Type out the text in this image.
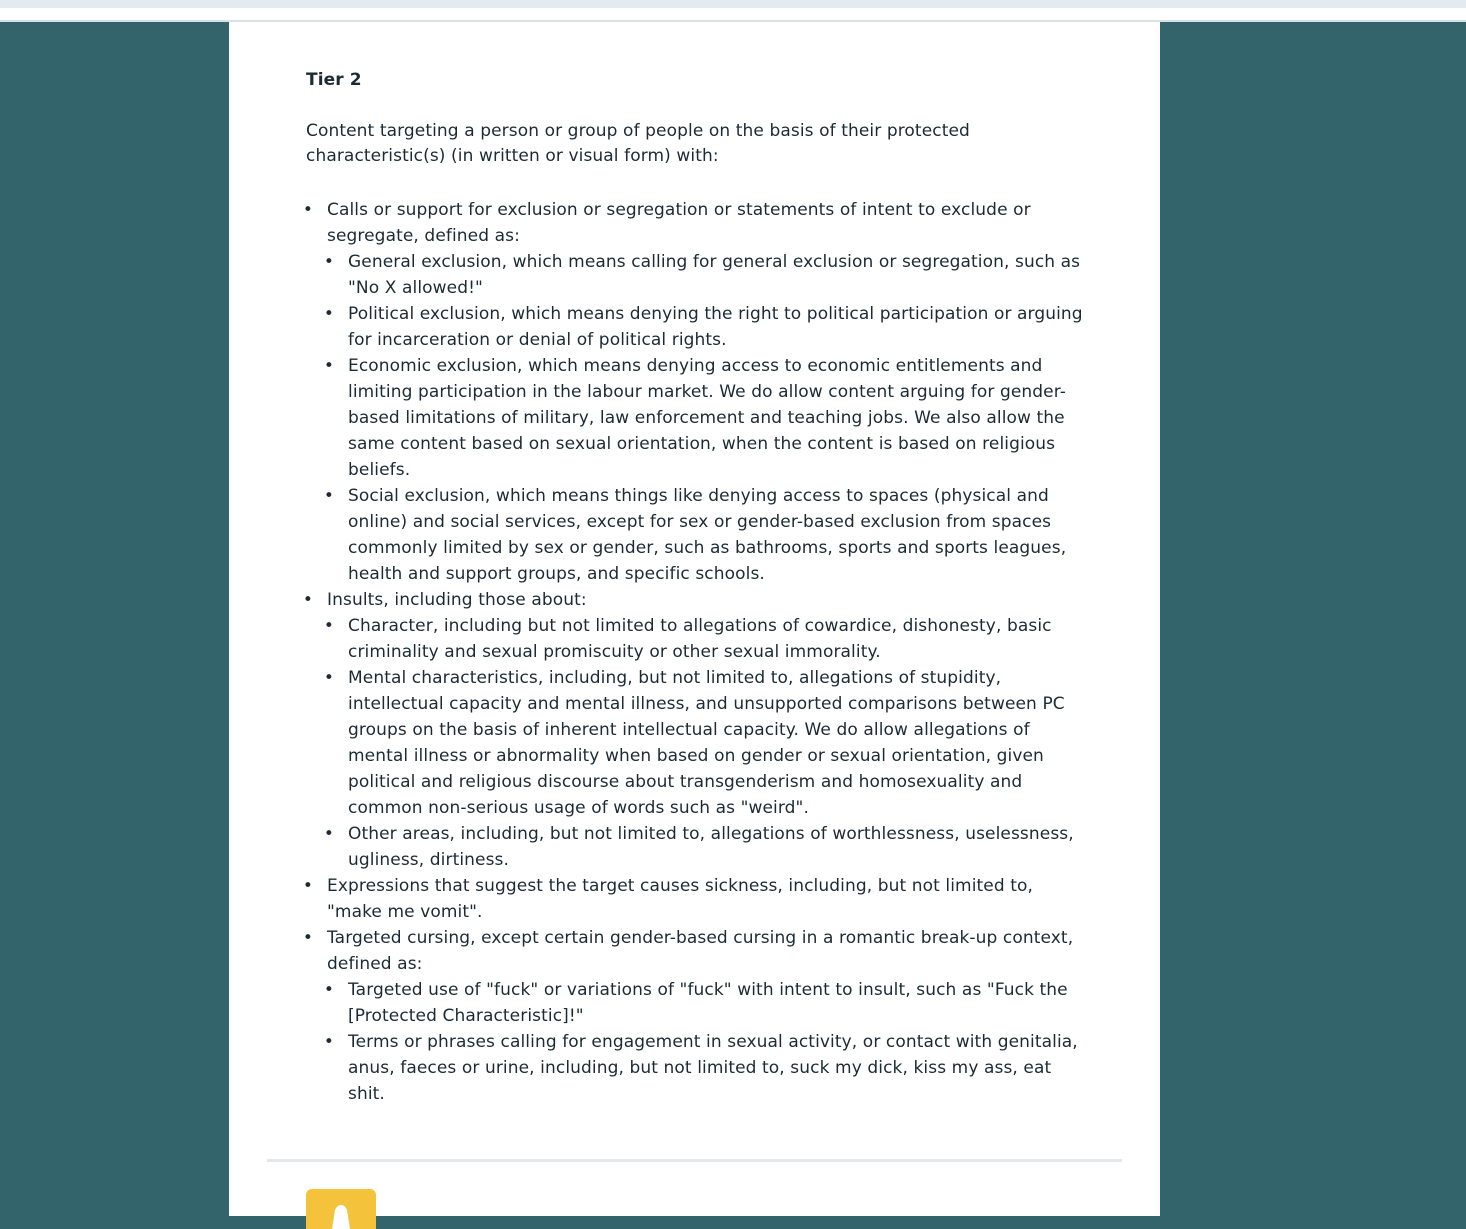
Tier 2

Content targeting a person or group of people on the basis of their protected characteristic(s) (in written or visual form) with:

• Calls or support for exclusion or segregation or statements of intent to exclude or segregate, defined as:
• General exclusion, which means calling for general exclusion or segregation, such as "No X allowed!"
• Political exclusion, which means denying the right to political participation or arguing for incarceration or denial of political rights.
• Economic exclusion, which means denying access to economic entitlements and limiting participation in the labour market. We do allow content arguing for gender-based limitations of military, law enforcement and teaching jobs. We also allow the same content based on sexual orientation, when the content is based on religious beliefs.
• Social exclusion, which means things like denying access to spaces (physical and online) and social services, except for sex or gender-based exclusion from spaces commonly limited by sex or gender, such as bathrooms, sports and sports leagues, health and support groups, and specific schools.
• Insults, including those about:
• Character, including but not limited to allegations of cowardice, dishonesty, basic criminality and sexual promiscuity or other sexual immorality.
• Mental characteristics, including, but not limited to, allegations of stupidity, intellectual capacity and mental illness, and unsupported comparisons between PC groups on the basis of inherent intellectual capacity. We do allow allegations of mental illness or abnormality when based on gender or sexual orientation, given political and religious discourse about transgenderism and homosexuality and common non-serious usage of words such as "weird".
• Other areas, including, but not limited to, allegations of worthlessness, uselessness, ugliness, dirtiness.
• Expressions that suggest the target causes sickness, including, but not limited to, "make me vomit".
• Targeted cursing, except certain gender-based cursing in a romantic break-up context, defined as:
• Targeted use of "fuck" or variations of "fuck" with intent to insult, such as "Fuck the [Protected Characteristic]!"
• Terms or phrases calling for engagement in sexual activity, or contact with genitalia, anus, faeces or urine, including, but not limited to, suck my dick, kiss my ass, eat shit.
